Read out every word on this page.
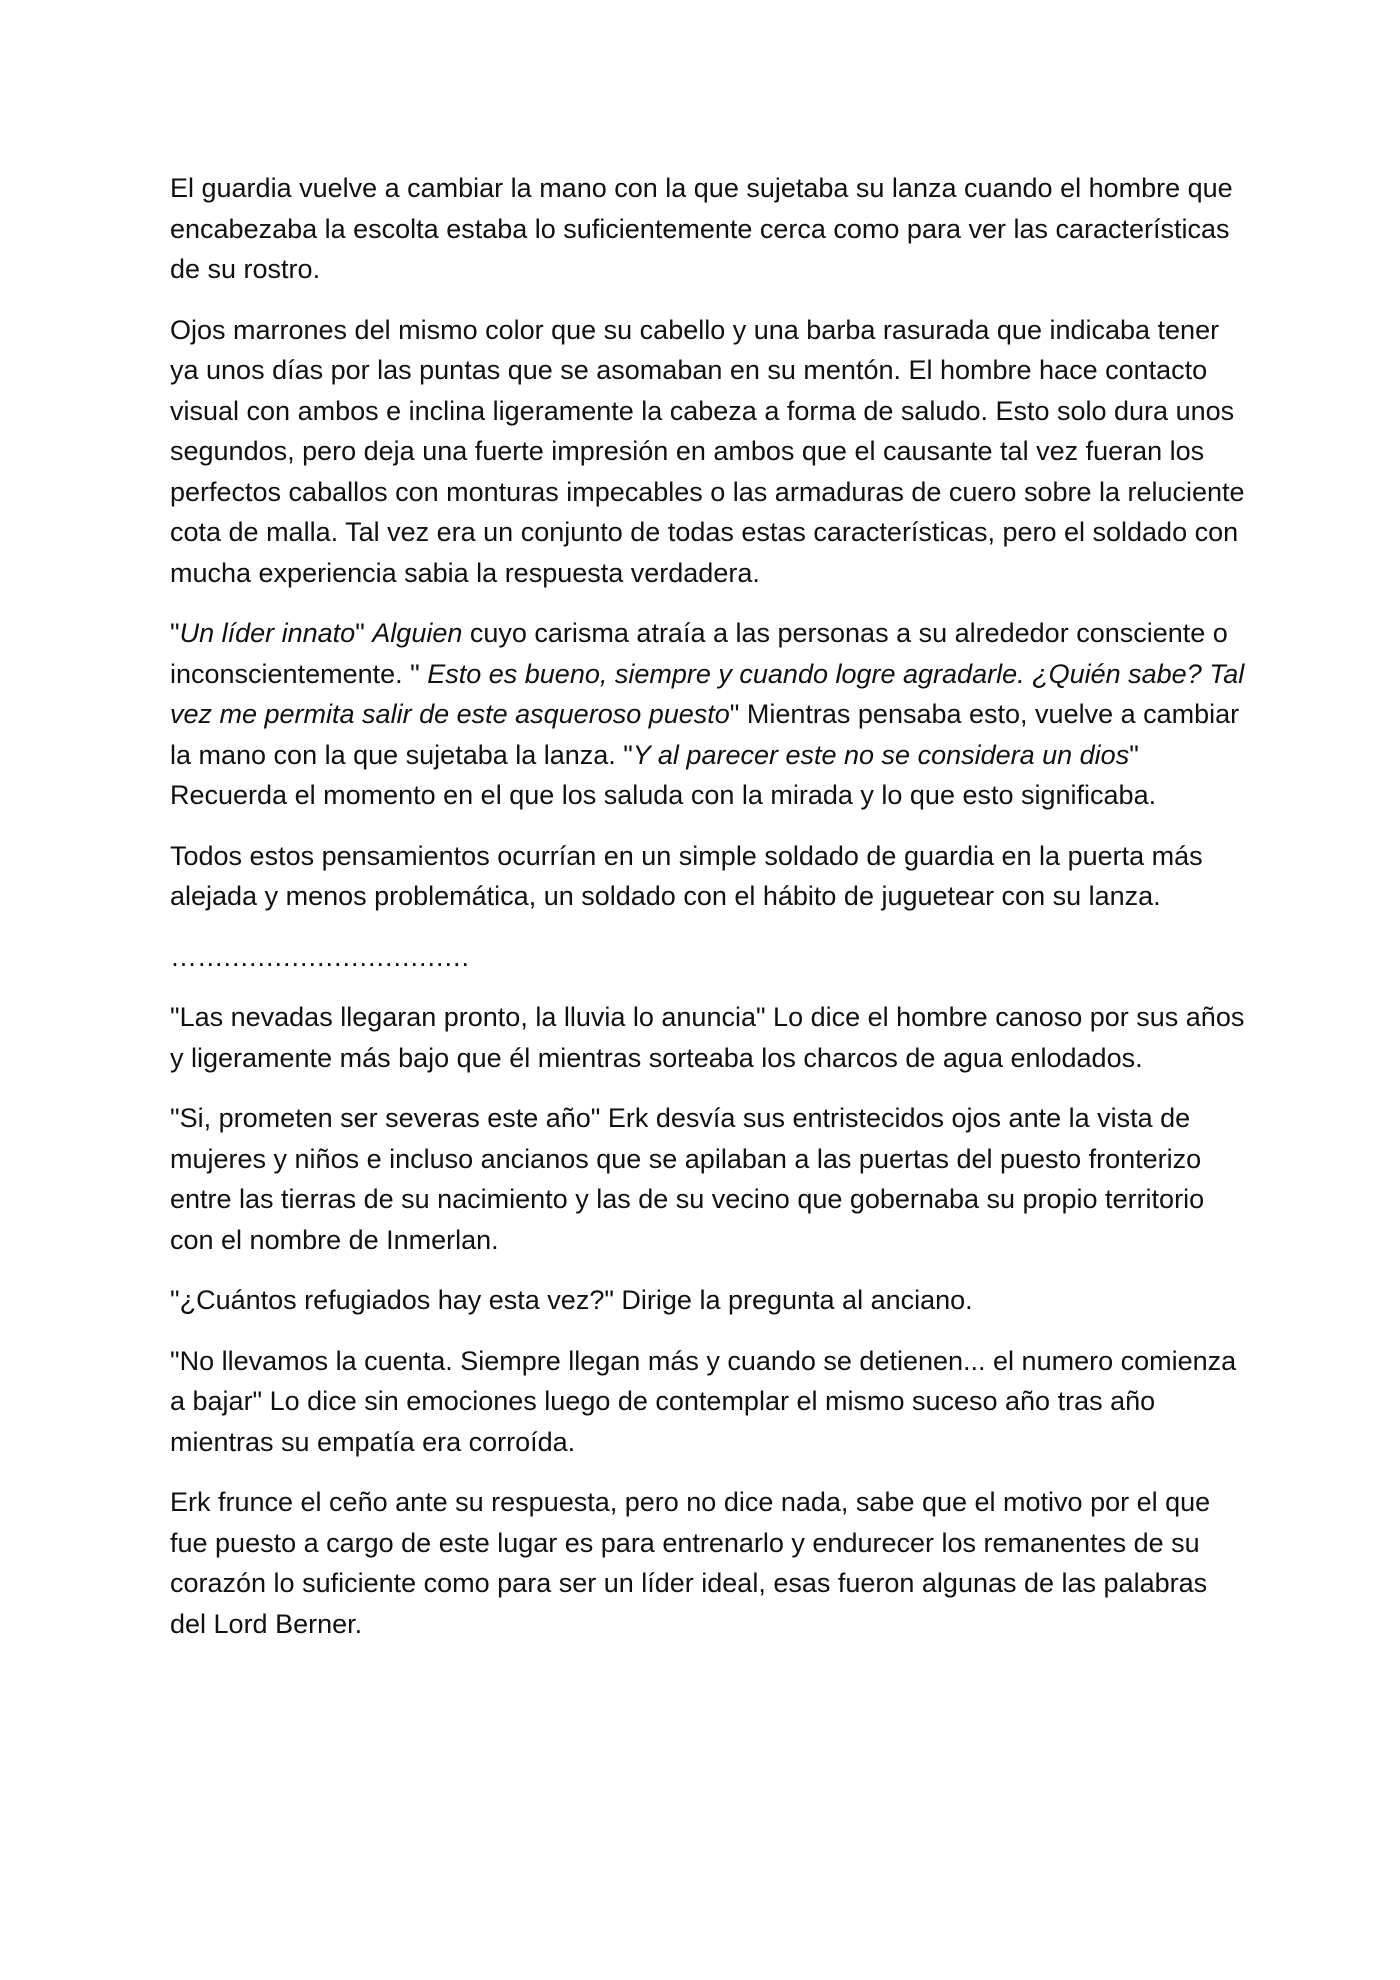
El guardia vuelve a cambiar la mano con la que sujetaba su lanza cuando el hombre que encabezaba la escolta estaba lo suficientemente cerca como para ver las características de su rostro.

Ojos marrones del mismo color que su cabello y una barba rasurada que indicaba tener ya unos días por las puntas que se asomaban en su mentón. El hombre hace contacto visual con ambos e inclina ligeramente la cabeza a forma de saludo. Esto solo dura unos segundos, pero deja una fuerte impresión en ambos que el causante tal vez fueran los perfectos caballos con monturas impecables o las armaduras de cuero sobre la reluciente cota de malla. Tal vez era un conjunto de todas estas características, pero el soldado con mucha experiencia sabia la respuesta verdadera.

"Un líder innato" Alguien cuyo carisma atraía a las personas a su alrededor consciente o inconscientemente. " Esto es bueno, siempre y cuando logre agradarle. ¿Quién sabe? Tal vez me permita salir de este asqueroso puesto" Mientras pensaba esto, vuelve a cambiar la mano con la que sujetaba la lanza. "Y al parecer este no se considera un dios" Recuerda el momento en el que los saluda con la mirada y lo que esto significaba.

Todos estos pensamientos ocurrían en un simple soldado de guardia en la puerta más alejada y menos problemática, un soldado con el hábito de juguetear con su lanza.

…................................

"Las nevadas llegaran pronto, la lluvia lo anuncia" Lo dice el hombre canoso por sus años y ligeramente más bajo que él mientras sorteaba los charcos de agua enlodados.

"Si, prometen ser severas este año" Erk desvía sus entristecidos ojos ante la vista de mujeres y niños e incluso ancianos que se apilaban a las puertas del puesto fronterizo entre las tierras de su nacimiento y las de su vecino que gobernaba su propio territorio con el nombre de Inmerlan.

"¿Cuántos refugiados hay esta vez?" Dirige la pregunta al anciano.

"No llevamos la cuenta. Siempre llegan más y cuando se detienen... el numero comienza a bajar" Lo dice sin emociones luego de contemplar el mismo suceso año tras año mientras su empatía era corroída.

Erk frunce el ceño ante su respuesta, pero no dice nada, sabe que el motivo por el que fue puesto a cargo de este lugar es para entrenarlo y endurecer los remanentes de su corazón lo suficiente como para ser un líder ideal, esas fueron algunas de las palabras del Lord Berner.
